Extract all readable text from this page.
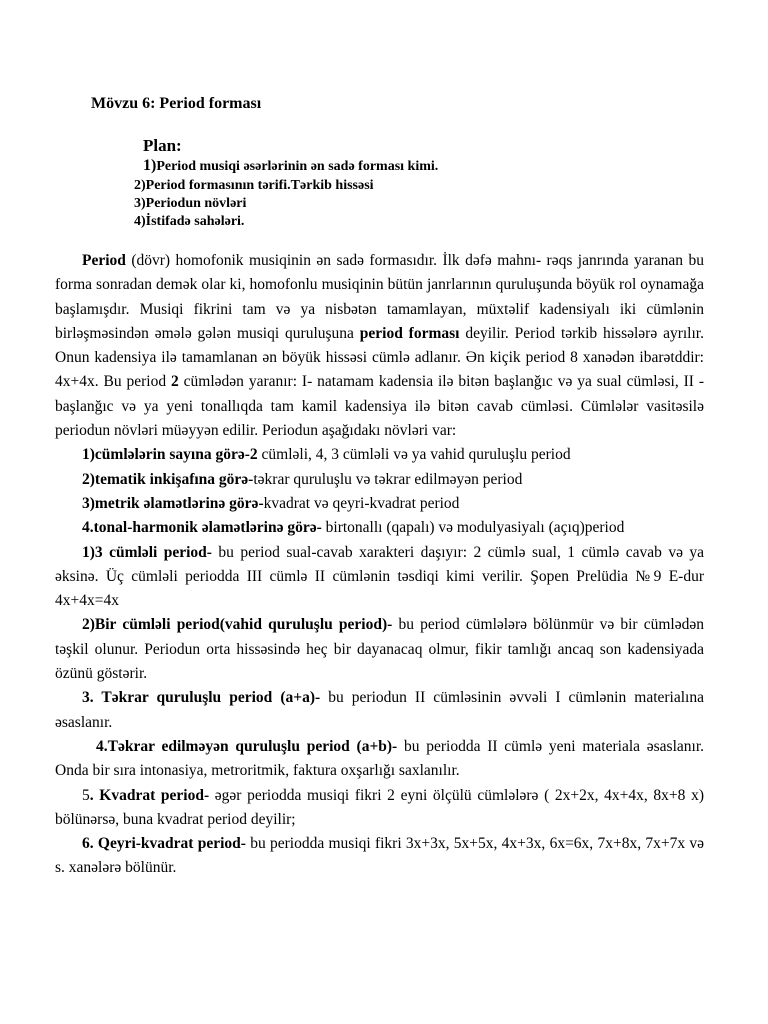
Mövzu 6: Period forması
Plan:
1)Period musiqi əsərlərinin ən sadə forması kimi.
2)Period formasının tərifi.Tərkib hissəsi
3)Periodun növləri
4)İstifadə sahələri.

Period (dövr) homofonik musiqinin ən sadə formasıdır. İlk dəfə mahnı- rəqs janrında yaranan bu forma sonradan demək olar ki, homofonlu musiqinin bütün janrlarının quruluşunda böyük rol oynamağa başlamışdır. Musiqi fikrini tam və ya nisbətən tamamlayan, müxtəlif kadensiyalı iki cümlənin birləşməsindən əmələ gələn musiqi quruluşuna period forması deyilir. Period tərkib hissələrə ayrılır. Onun kadensiya ilə tamamlanan ən böyük hissəsi cümlə adlanır. Ən kiçik period 8 xanədən ibarətddir: 4x+4x. Bu period 2 cümlədən yaranır: I- natamam kadensia ilə bitən başlanğıc və ya sual cümləsi, II - başlanğıc və ya yeni tonallıqda tam kamil kadensiya ilə bitən cavab cümləsi. Cümlələr vasitəsilə periodun növləri müəyyən edilir. Periodun aşağıdakı növləri var:

1)cümlələrin sayına görə-2 cümləli, 4, 3 cümləli və ya vahid quruluşlu period

2)tematik inkişafına görə-təkrar quruluşlu və təkrar edilməyən period

3)metrik əlamətlərinə görə-kvadrat və qeyri-kvadrat period

4.tonal-harmonik əlamətlərinə görə- birtonallı (qapalı) və modulyasiyalı (açıq)period

1)3 cümləli period- bu period sual-cavab xarakteri daşıyır: 2 cümlə sual, 1 cümlə cavab və ya əksinə. Üç cümləli periodda III cümlə II cümlənin təsdiqi kimi verilir. Şopen Prelüdia №9 E-dur 4x+4x=4x

2)Bir cümləli period(vahid quruluşlu period)- bu period cümlələrə bölünmür və bir cümlədən təşkil olunur. Periodun orta hissəsində heç bir dayanacaq olmur, fikir tamlığı ancaq son kadensiyada özünü göstərir.

3. Təkrar quruluşlu period (a+a)- bu periodun II cümləsinin əvvəli I cümlənin materialına əsaslanır.

4.Təkrar edilməyən quruluşlu period (a+b)- bu periodda II cümlə yeni materiala əsaslanır. Onda bir sıra intonasiya, metroritmik, faktura oxşarlığı saxlanılır.

5. Kvadrat period- əgər periodda musiqi fikri 2 eyni ölçülü cümlələrə ( 2x+2x, 4x+4x, 8x+8 x) bölünərsə, buna kvadrat period deyilir;

6. Qeyri-kvadrat period- bu periodda musiqi fikri 3x+3x, 5x+5x, 4x+3x, 6x=6x, 7x+8x, 7x+7x və s. xanələrə bölünür.
